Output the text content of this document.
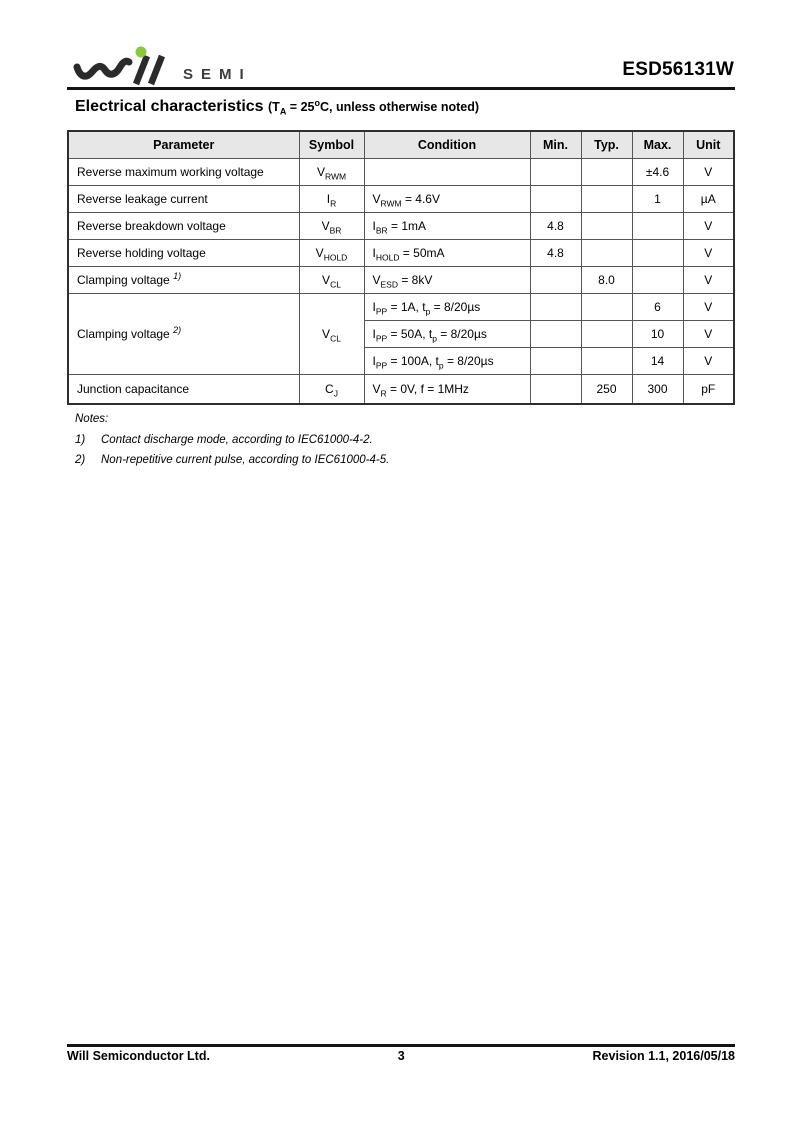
SEMI	ESD56131W
Electrical characteristics ($T_A = 25^oC$, unless otherwise noted)
Parameter	Symbol	Condition	Min.	Typ.	Max.	Unit
Reverse maximum working voltage	$V_{RWM}$				±4.6	V
Reverse leakage current	$I_R$	$V_{RWM} = 4.6V$			1	µA
Reverse breakdown voltage	$V_{BR}$	$I_{BR} = 1mA$	4.8			V
Reverse holding voltage	$V_{HOLD}$	$I_{HOLD} = 50mA$	4.8			V
Clamping voltage $^{1)}$	$V_{CL}$	$V_{ESD} = 8kV$		8.0		V
Clamping voltage $^{2)}$	$V_{CL}$	$I_{PP} = 1A$, $t_p = 8/20\mu s$			6	V
		$I_{PP} = 50A$, $t_p = 8/20\mu s$			10	V
		$I_{PP} = 100A$, $t_p = 8/20\mu s$			14	V
Junction capacitance	$C_J$	$V_R = 0V$, f = 1MHz		250	300	pF
Notes:
1)	Contact discharge mode, according to IEC61000-4-2.
2)	Non-repetitive current pulse, according to IEC61000-4-5.
Will Semiconductor Ltd.	3	Revision 1.1, 2016/05/18
